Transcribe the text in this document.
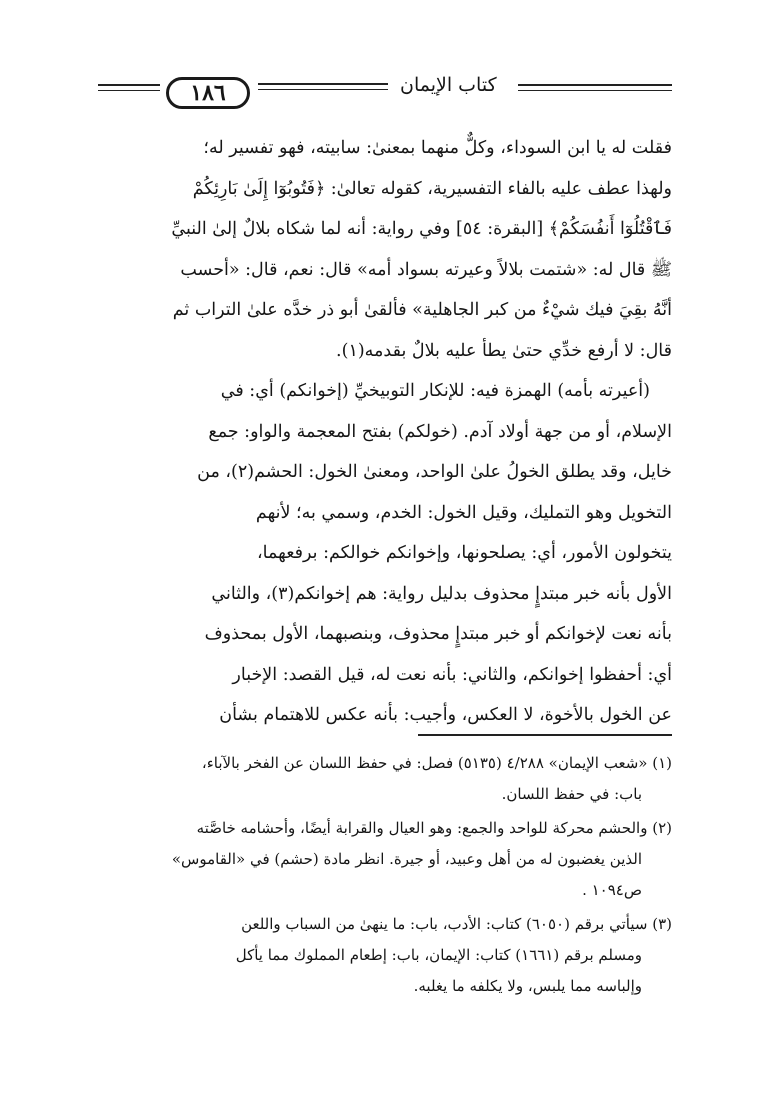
١٨٦	كتاب الإيمان
فقلت له يا ابن السوداء، وكلٌّ منهما بمعنىٰ: سابيته، فهو تفسير له؛
ولهذا عطف عليه بالفاء التفسيرية، كقوله تعالىٰ: ﴿فَتُوبُوٓا إِلَىٰ بَارِئِكُمْ
فَٱقْتُلُوٓا أَنفُسَكُمْ﴾ [البقرة: ٥٤] وفي رواية: أنه لما شكاه بلالٌ إلىٰ النبيِّ
ﷺ قال له: «شتمت بلالاً وعيرته بسواد أمه» قال: نعم، قال: «أحسب
أنَّهُ بقِيَ فيك شيْءٌ من كبر الجاهلية» فألقىٰ أبو ذر خدَّه علىٰ التراب ثم
قال: لا أرفع خدِّي حتىٰ يطأ عليه بلالٌ بقدمه(١).
(أعيرته بأمه) الهمزة فيه: للإنكار التوبيخيِّ (إخوانكم) أي: في
الإسلام، أو من جهة أولاد آدم. (خولكم) بفتح المعجمة والواو: جمع
خايل، وقد يطلق الخولُ علىٰ الواحد، ومعنىٰ الخول: الحشم(٢)، من
التخويل وهو التمليك، وقيل الخول: الخدم، وسمي به؛ لأنهم
يتخولون الأمور، أي: يصلحونها، وإخوانكم خوالكم: برفعهما،
الأول بأنه خبر مبتدإٍ محذوف بدليل رواية: هم إخوانكم(٣)، والثاني
بأنه نعت لإخوانكم أو خبر مبتدإٍ محذوف، وبنصبهما، الأول بمحذوف
أي: أحفظوا إخوانكم، والثاني: بأنه نعت له، قيل القصد: الإخبار
عن الخول بالأخوة، لا العكس، وأجيب: بأنه عكس للاهتمام بشأن
(١) «شعب الإيمان» ٤/٢٨٨ (٥١٣٥) فصل: في حفظ اللسان عن الفخر بالآباء،
باب: في حفظ اللسان.
(٢) والحشم محركة للواحد والجمع: وهو العيال والقرابة أيضًا، وأحشامه خاصَّته
الذين يغضبون له من أهل وعبيد، أو جيرة. انظر مادة (حشم) في «القاموس»
ص١٠٩٤ .
(٣) سيأتي برقم (٦٠٥٠) كتاب: الأدب، باب: ما ينهىٰ من السباب واللعن
ومسلم برقم (١٦٦١) كتاب: الإيمان، باب: إطعام المملوك مما يأكل
وإلباسه مما يلبس، ولا يكلفه ما يغلبه.
